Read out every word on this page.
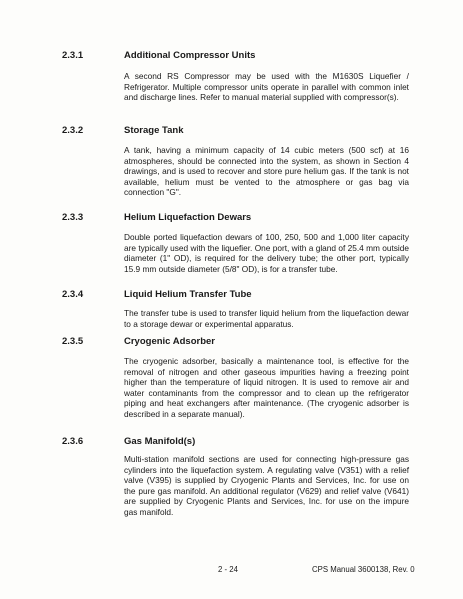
2.3.1	Additional Compressor Units
A second RS Compressor may be used with the M1630S Liquefier / Refrigerator. Multiple compressor units operate in parallel with common inlet and discharge lines. Refer to manual material supplied with compressor(s).
2.3.2	Storage Tank
A tank, having a minimum capacity of 14 cubic meters (500 scf) at 16 atmospheres, should be connected into the system, as shown in Section 4 drawings, and is used to recover and store pure helium gas. If the tank is not available, helium must be vented to the atmosphere or gas bag via connection "G".
2.3.3	Helium Liquefaction Dewars
Double ported liquefaction dewars of 100, 250, 500 and 1,000 liter capacity are typically used with the liquefier. One port, with a gland of 25.4 mm outside diameter (1" OD), is required for the delivery tube; the other port, typically 15.9 mm outside diameter (5/8" OD), is for a transfer tube.
2.3.4	Liquid Helium Transfer Tube
The transfer tube is used to transfer liquid helium from the liquefaction dewar to a storage dewar or experimental apparatus.
2.3.5	Cryogenic Adsorber
The cryogenic adsorber, basically a maintenance tool, is effective for the removal of nitrogen and other gaseous impurities having a freezing point higher than the temperature of liquid nitrogen. It is used to remove air and water contaminants from the compressor and to clean up the refrigerator piping and heat exchangers after maintenance. (The cryogenic adsorber is described in a separate manual).
2.3.6	Gas Manifold(s)
Multi-station manifold sections are used for connecting high-pressure gas cylinders into the liquefaction system. A regulating valve (V351) with a relief valve (V395) is supplied by Cryogenic Plants and Services, Inc. for use on the pure gas manifold. An additional regulator (V629) and relief valve (V641) are supplied by Cryogenic Plants and Services, Inc. for use on the impure gas manifold.
2 - 24	CPS Manual 3600138, Rev. 0
